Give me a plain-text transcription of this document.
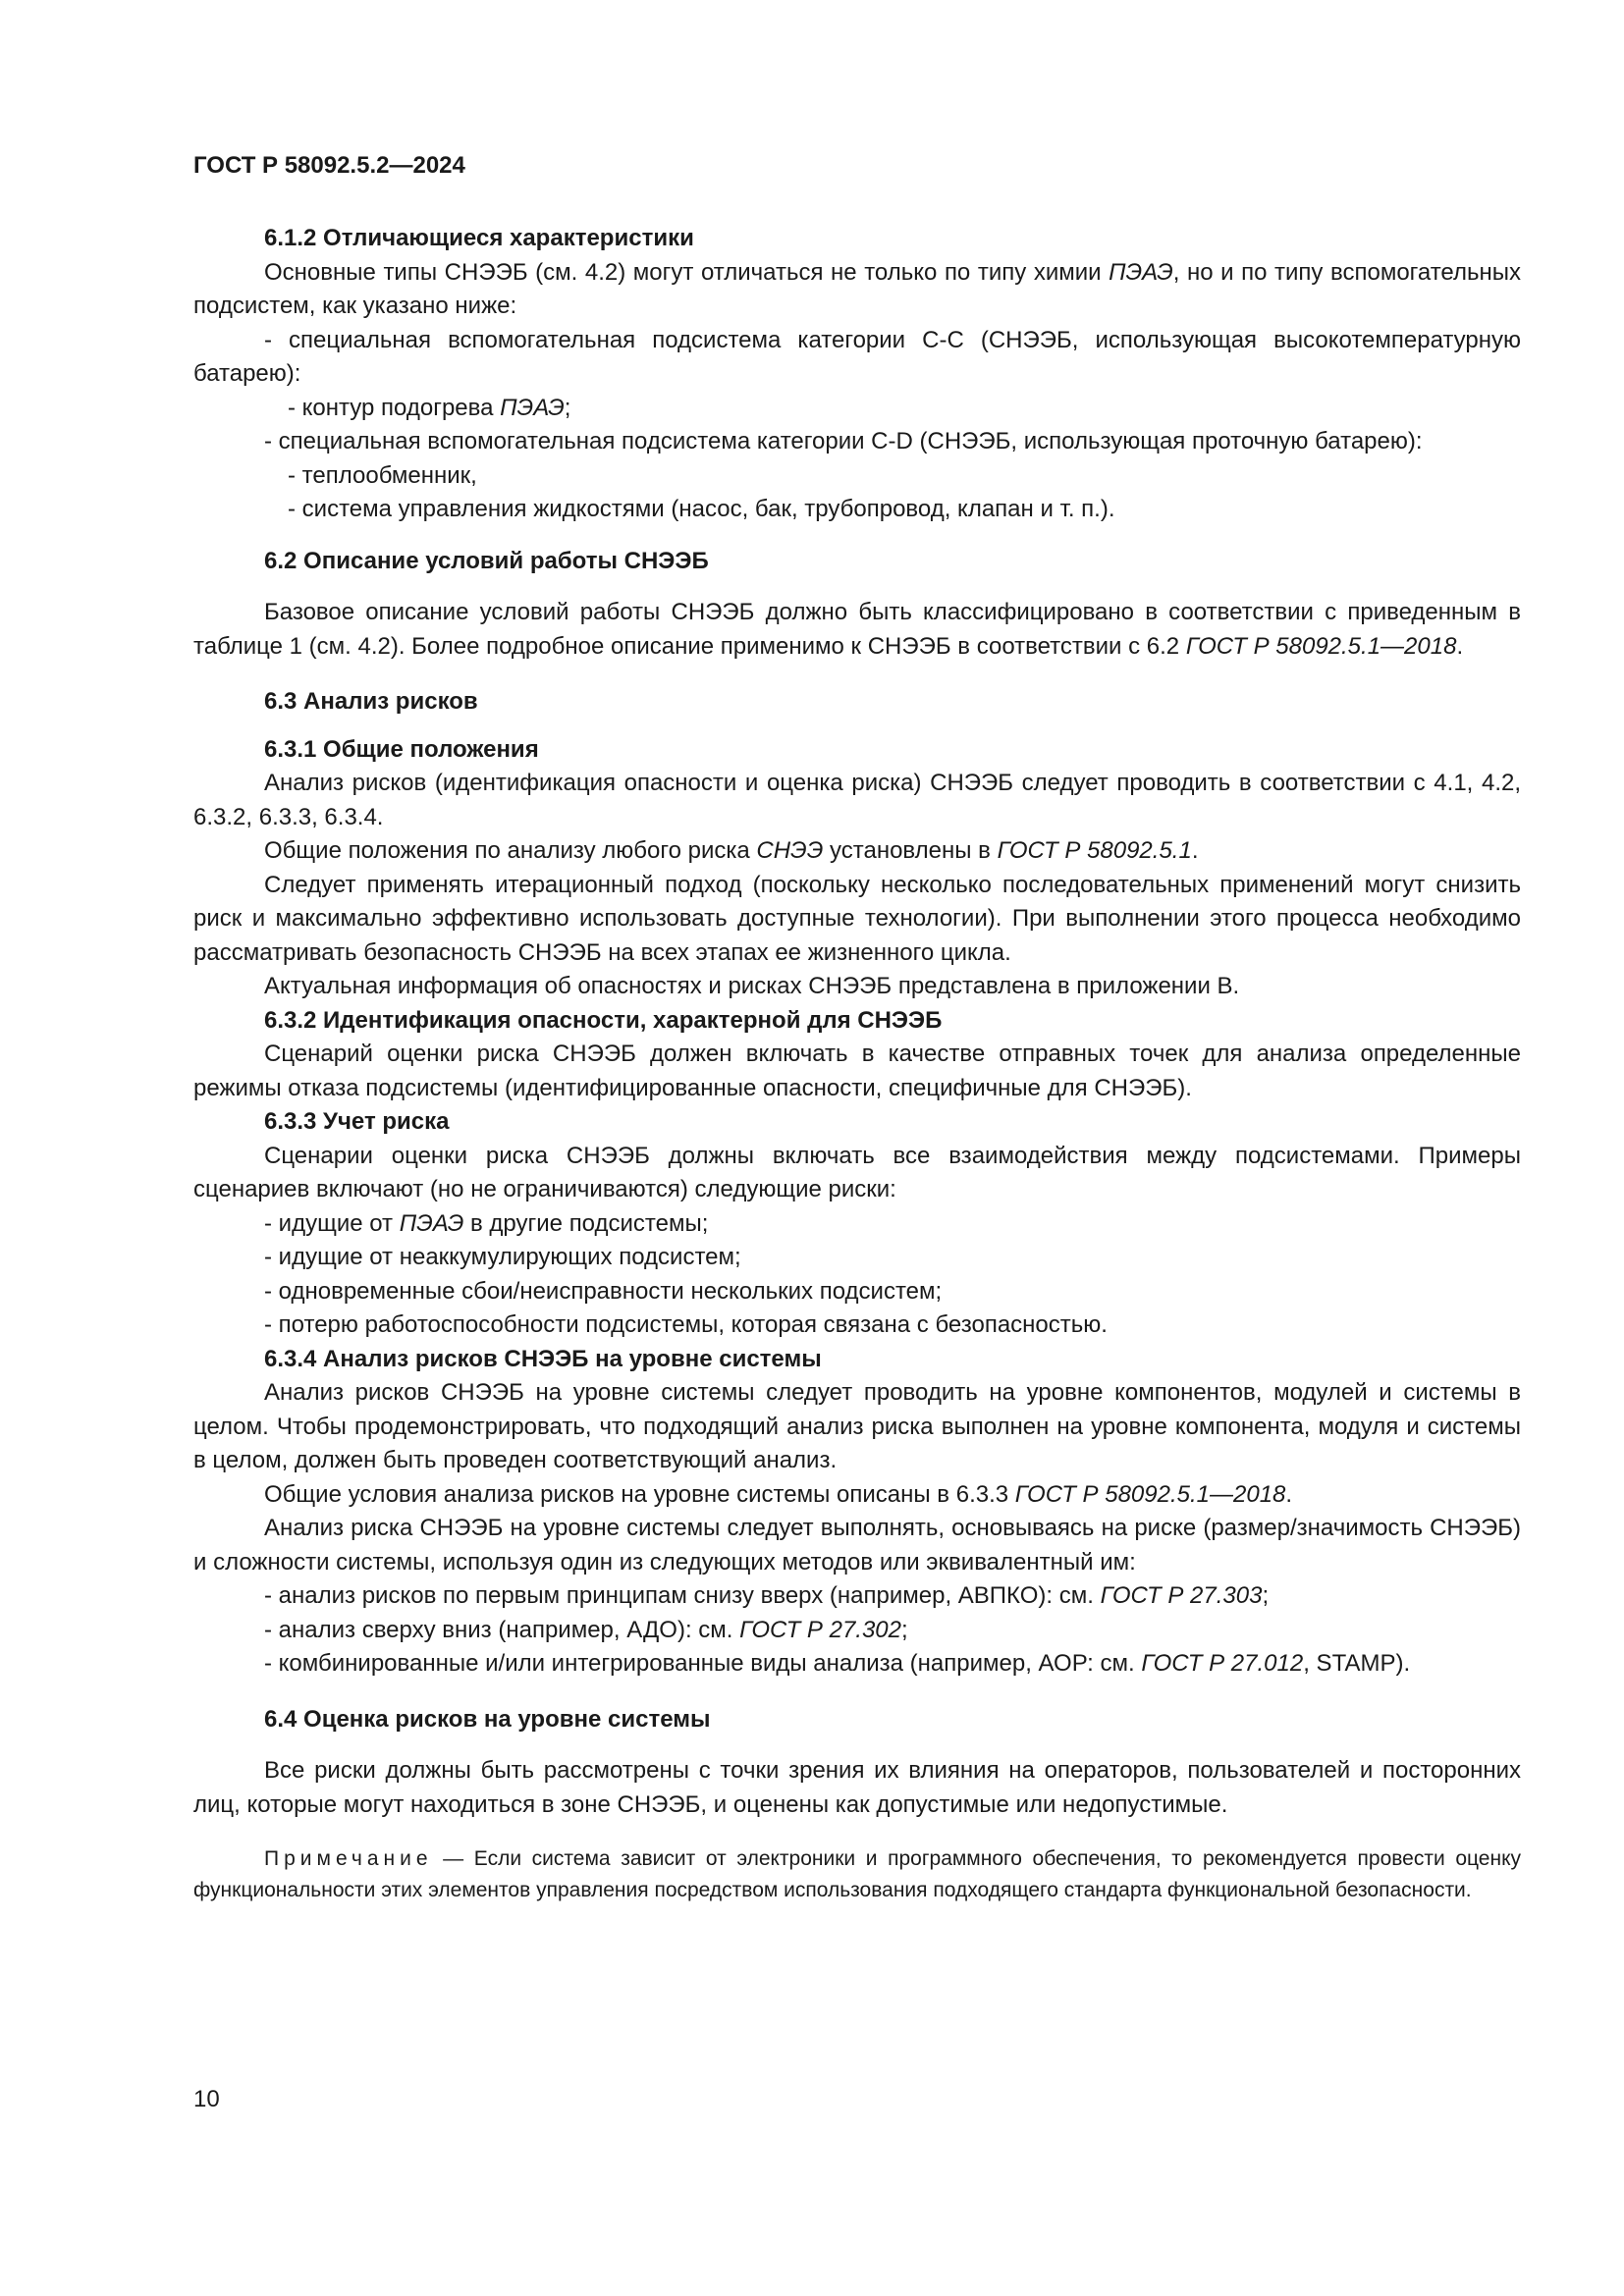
ГОСТ Р 58092.5.2—2024

6.1.2 Отличающиеся характеристики

Основные типы СНЭЭБ (см. 4.2) могут отличаться не только по типу химии ПЭАЭ, но и по типу вспомогательных подсистем, как указано ниже:

- специальная вспомогательная подсистема категории С-С (СНЭЭБ, использующая высокотемпературную батарею):

- контур подогрева ПЭАЭ;

- специальная вспомогательная подсистема категории C-D (СНЭЭБ, использующая проточную батарею):

- теплообменник,

- система управления жидкостями (насос, бак, трубопровод, клапан и т. п.).

6.2 Описание условий работы СНЭЭБ

Базовое описание условий работы СНЭЭБ должно быть классифицировано в соответствии с приведенным в таблице 1 (см. 4.2). Более подробное описание применимо к СНЭЭБ в соответствии с 6.2 ГОСТ Р 58092.5.1—2018.

6.3 Анализ рисков

6.3.1 Общие положения

Анализ рисков (идентификация опасности и оценка риска) СНЭЭБ следует проводить в соответствии с 4.1, 4.2, 6.3.2, 6.3.3, 6.3.4.

Общие положения по анализу любого риска СНЭЭ установлены в ГОСТ Р 58092.5.1.

Следует применять итерационный подход (поскольку несколько последовательных применений могут снизить риск и максимально эффективно использовать доступные технологии). При выполнении этого процесса необходимо рассматривать безопасность СНЭЭБ на всех этапах ее жизненного цикла.

Актуальная информация об опасностях и рисках СНЭЭБ представлена в приложении В.

6.3.2 Идентификация опасности, характерной для СНЭЭБ

Сценарий оценки риска СНЭЭБ должен включать в качестве отправных точек для анализа определенные режимы отказа подсистемы (идентифицированные опасности, специфичные для СНЭЭБ).

6.3.3 Учет риска

Сценарии оценки риска СНЭЭБ должны включать все взаимодействия между подсистемами. Примеры сценариев включают (но не ограничиваются) следующие риски:

- идущие от ПЭАЭ в другие подсистемы;

- идущие от неаккумулирующих подсистем;

- одновременные сбои/неисправности нескольких подсистем;

- потерю работоспособности подсистемы, которая связана с безопасностью.

6.3.4 Анализ рисков СНЭЭБ на уровне системы

Анализ рисков СНЭЭБ на уровне системы следует проводить на уровне компонентов, модулей и системы в целом. Чтобы продемонстрировать, что подходящий анализ риска выполнен на уровне компонента, модуля и системы в целом, должен быть проведен соответствующий анализ.

Общие условия анализа рисков на уровне системы описаны в 6.3.3 ГОСТ Р 58092.5.1—2018.

Анализ риска СНЭЭБ на уровне системы следует выполнять, основываясь на риске (размер/значимость СНЭЭБ) и сложности системы, используя один из следующих методов или эквивалентный им:

- анализ рисков по первым принципам снизу вверх (например, АВПКО): см. ГОСТ Р 27.303;

- анализ сверху вниз (например, АДО): см. ГОСТ Р 27.302;

- комбинированные и/или интегрированные виды анализа (например, АОР: см. ГОСТ Р 27.012, STAMP).

6.4 Оценка рисков на уровне системы

Все риски должны быть рассмотрены с точки зрения их влияния на операторов, пользователей и посторонних лиц, которые могут находиться в зоне СНЭЭБ, и оценены как допустимые или недопустимые.

Примечание — Если система зависит от электроники и программного обеспечения, то рекомендуется провести оценку функциональности этих элементов управления посредством использования подходящего стандарта функциональной безопасности.

10
